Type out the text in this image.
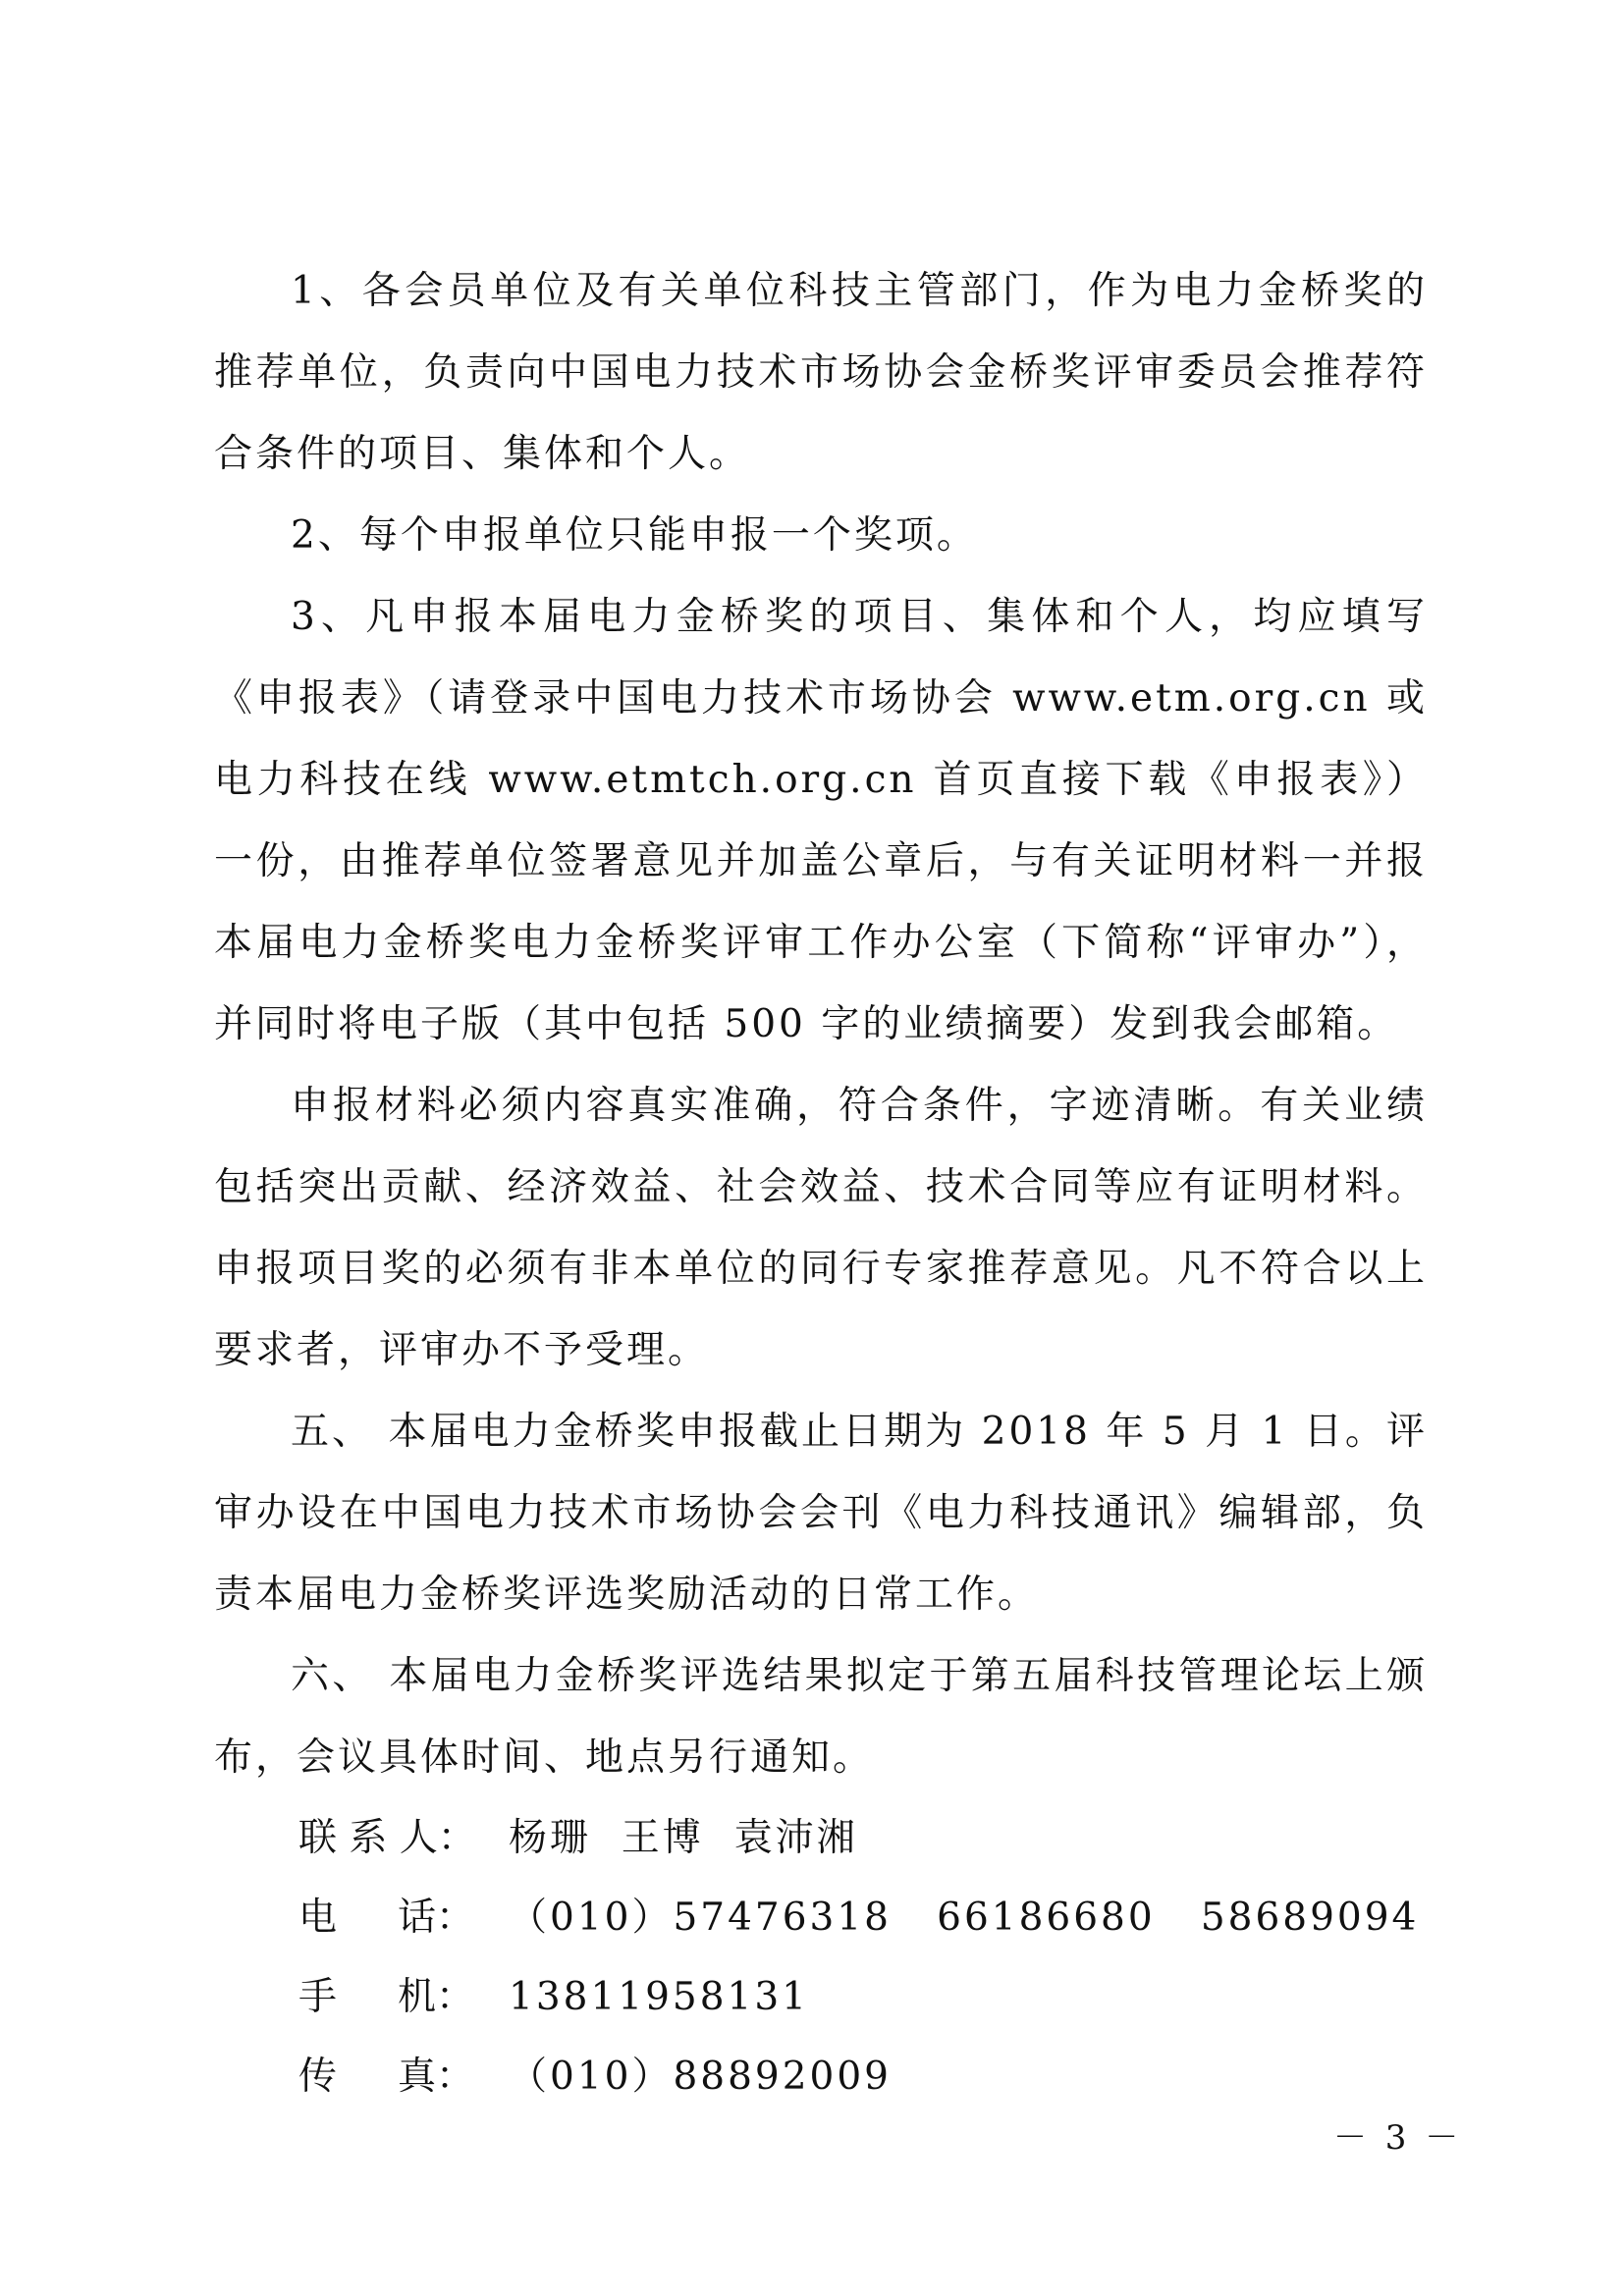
1、各会员单位及有关单位科技主管部门，作为电力金桥奖的推荐单位，负责向中国电力技术市场协会金桥奖评审委员会推荐符合条件的项目、集体和个人。

2、每个申报单位只能申报一个奖项。

3、凡申报本届电力金桥奖的项目、集体和个人，均应填写《申报表》（请登录中国电力技术市场协会 www.etm.org.cn 或电力科技在线 www.etmtch.org.cn 首页直接下载《申报表》）一份，由推荐单位签署意见并加盖公章后，与有关证明材料一并报本届电力金桥奖电力金桥奖评审工作办公室（下简称“评审办”），并同时将电子版（其中包括 500 字的业绩摘要）发到我会邮箱。

申报材料必须内容真实准确，符合条件，字迹清晰。有关业绩包括突出贡献、经济效益、社会效益、技术合同等应有证明材料。申报项目奖的必须有非本单位的同行专家推荐意见。凡不符合以上要求者，评审办不予受理。

五、 本届电力金桥奖申报截止日期为 2018 年 5 月 1 日。评审办设在中国电力技术市场协会会刊《电力科技通讯》编辑部，负责本届电力金桥奖评选奖励活动的日常工作。

六、 本届电力金桥奖评选结果拟定于第五届科技管理论坛上颁布，会议具体时间、地点另行通知。

联 系 人： 杨珊  王博  袁沛湘
电     话： （010）57476318   66186680   58689094
手     机： 13811958131
传     真： （010）88892009
－ 3 －
